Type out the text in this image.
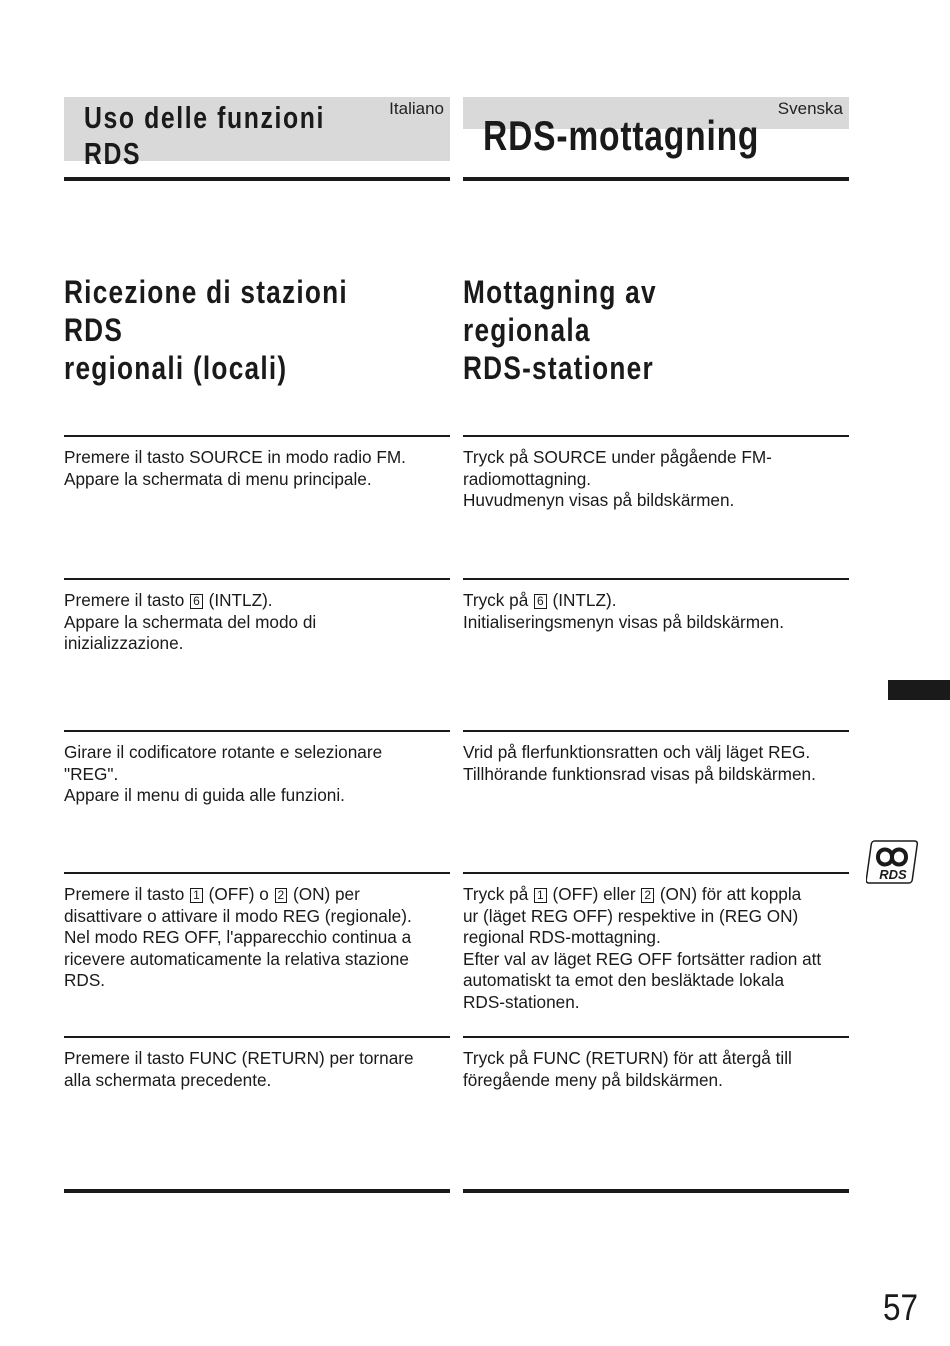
Italiano
Uso delle funzioni
RDS
Ricezione di stazioni RDS
regionali (locali)

Premere il tasto SOURCE in modo radio FM.
Appare la schermata di menu principale.

Premere il tasto 6 (INTLZ).
Appare la schermata del modo di
inizializzazione.

Girare il codificatore rotante e selezionare
"REG".
Appare il menu di guida alle funzioni.

Premere il tasto 1 (OFF) o 2 (ON) per
disattivare o attivare il modo REG (regionale).
Nel modo REG OFF, l'apparecchio continua a
ricevere automaticamente la relativa stazione
RDS.

Premere il tasto FUNC (RETURN) per tornare
alla schermata precedente.

Svenska
RDS-mottagning
Mottagning av regionala
RDS-stationer

Tryck på SOURCE under pågående FM-
radiomottagning.
Huvudmenyn visas på bildskärmen.

Tryck på 6 (INTLZ).
Initialiseringsmenyn visas på bildskärmen.

Vrid på flerfunktionsratten och välj läget REG.
Tillhörande funktionsrad visas på bildskärmen.

Tryck på 1 (OFF) eller 2 (ON) för att koppla
ur (läget REG OFF) respektive in (REG ON)
regional RDS-mottagning.
Efter val av läget REG OFF fortsätter radion att
automatiskt ta emot den besläktade lokala
RDS-stationen.

Tryck på FUNC (RETURN) för att återgå till
föregående meny på bildskärmen.

RDS
57
